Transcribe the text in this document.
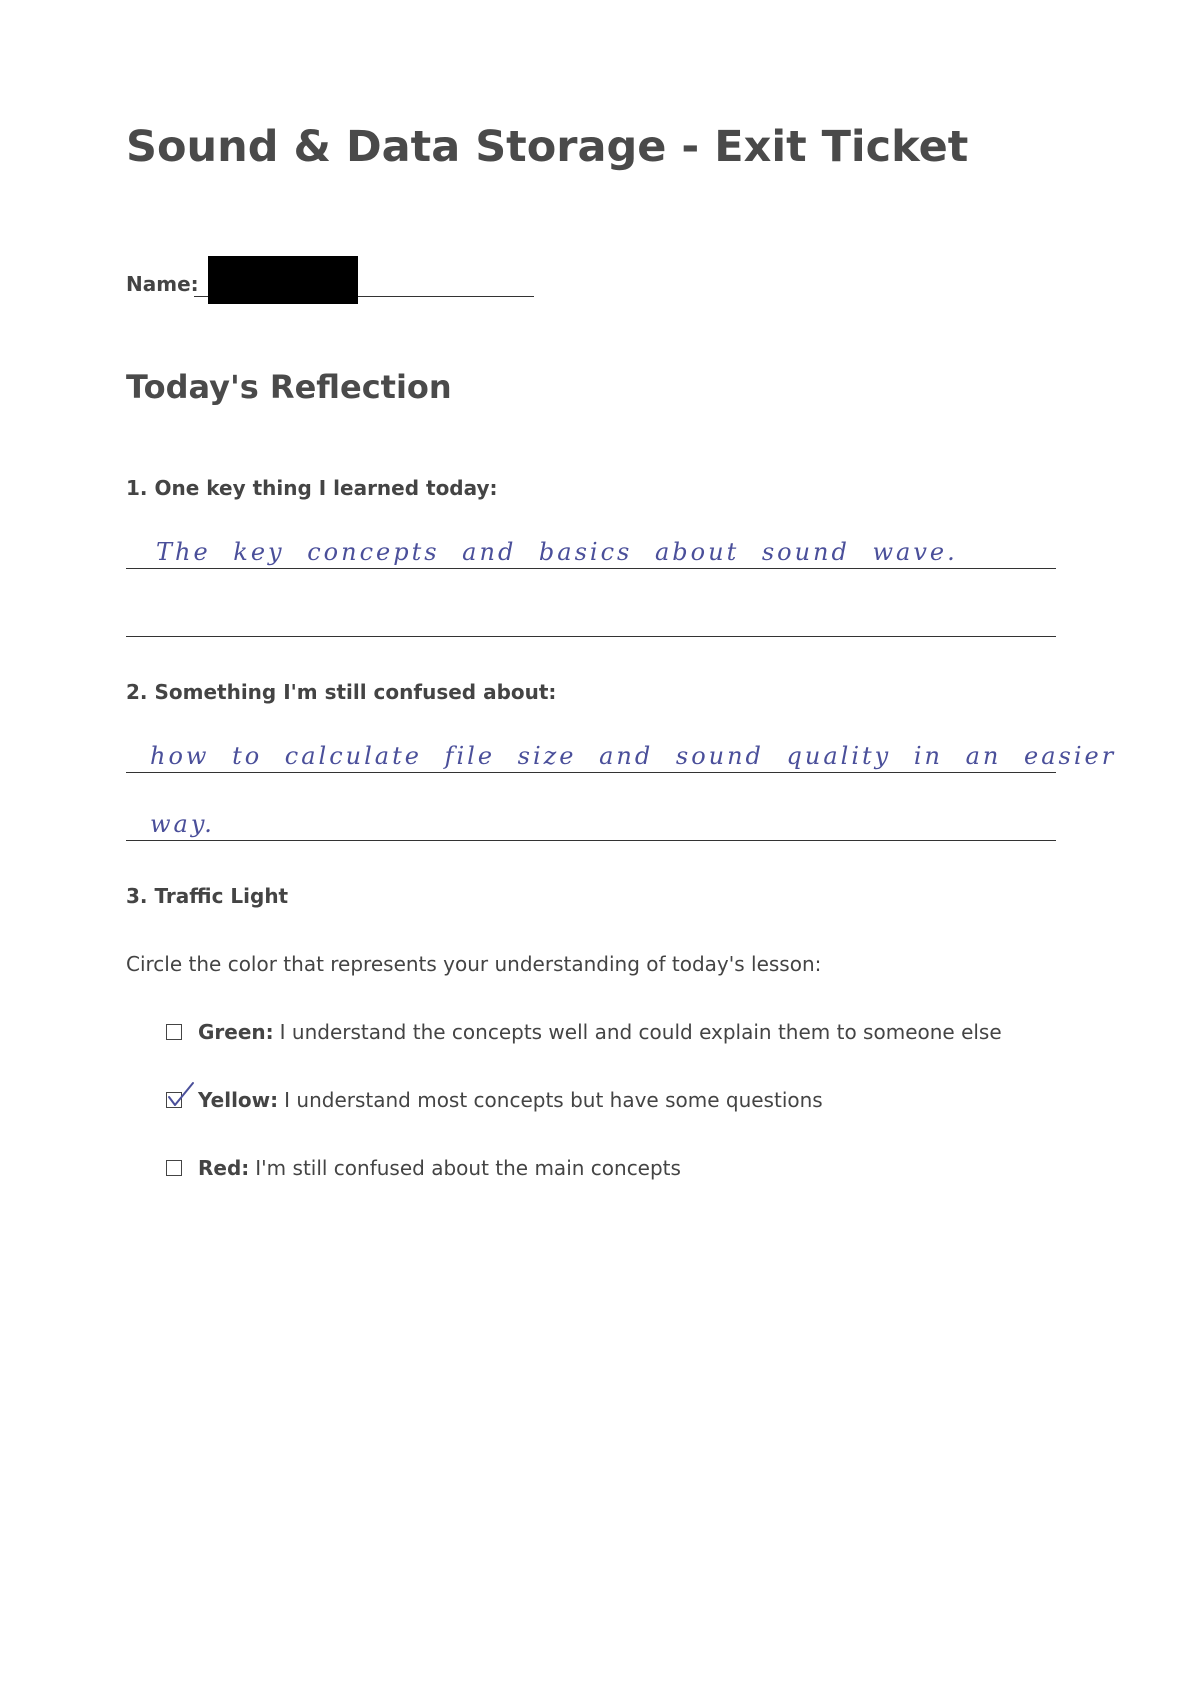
Sound & Data Storage - Exit Ticket
Name:
Today's Reflection
1. One key thing I learned today:
The key concepts and basics about sound wave.
2. Something I'm still confused about:
how to calculate file size and sound quality in an easier
way.
3. Traffic Light
Circle the color that represents your understanding of today's lesson:
Green: I understand the concepts well and could explain them to someone else
Yellow: I understand most concepts but have some questions
Red: I'm still confused about the main concepts
